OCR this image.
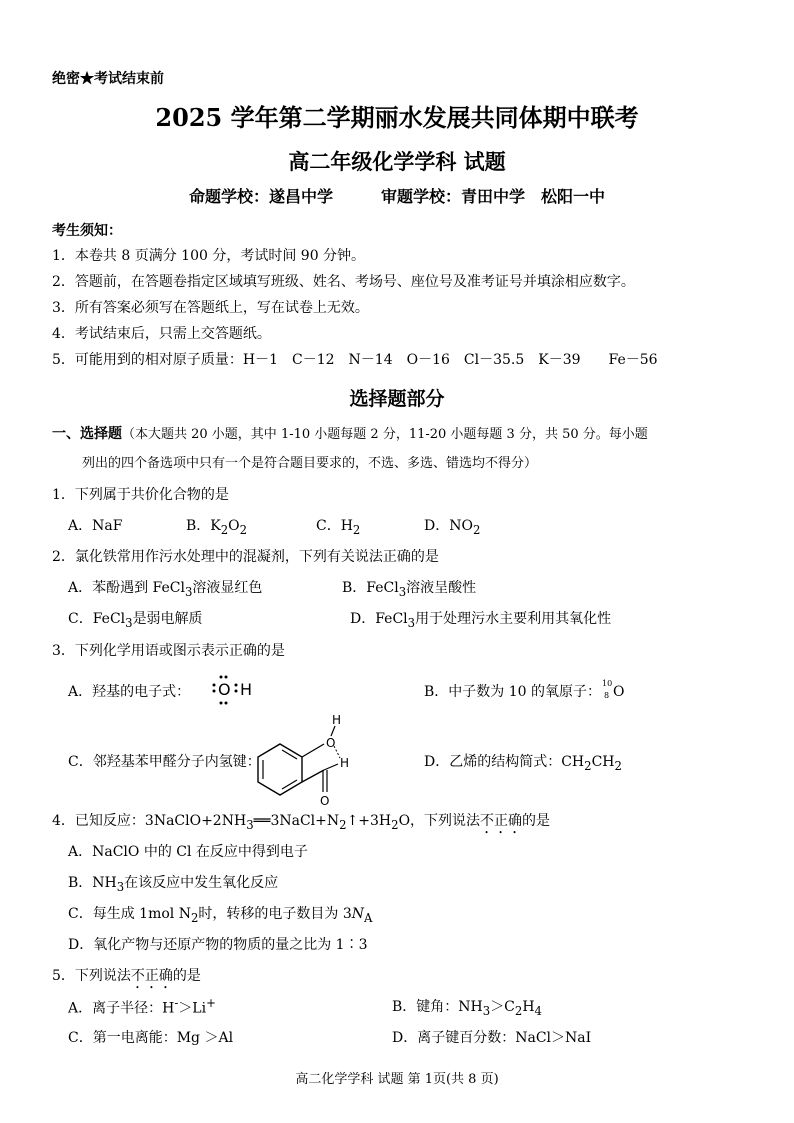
绝密★考试结束前
2025 学年第二学期丽水发展共同体期中联考
高二年级化学学科 试题
命题学校：遂昌中学　　　审题学校：青田中学　松阳一中
考生须知：
1．本卷共 8 页满分 100 分，考试时间 90 分钟。
2．答题前，在答题卷指定区域填写班级、姓名、考场号、座位号及准考证号并填涂相应数字。
3．所有答案必须写在答题纸上，写在试卷上无效。
4．考试结束后，只需上交答题纸。
5．可能用到的相对原子质量：H－1　C－12　N－14　O－16　Cl－35.5　K－39　　Fe－56
选择题部分
一、选择题（本大题共 20 小题，其中 1-10 小题每题 2 分，11-20 小题每题 3 分，共 50 分。每小题
列出的四个备选项中只有一个是符合题目要求的，不选、多选、错选均不得分）
1．下列属于共价化合物的是
A．NaF	B．$K_2O_2$	C．$H_2$	D．$NO_2$
2．氯化铁常用作污水处理中的混凝剂，下列有关说法正确的是
A．苯酚遇到 FeCl$_3$溶液显红色	B．FeCl$_3$溶液呈酸性
C．FeCl$_3$是弱电解质	D．FeCl$_3$用于处理污水主要利用其氧化性
3．下列化学用语或图示表示正确的是
A．羟基的电子式： O H	B．中子数为 10 的氧原子：
10
8 O
C．邻羟基苯甲醛分子内氢键：
O
H
H
O
D．乙烯的结构简式：$CH_2CH_2$
4．已知反应：$3NaClO+2NH_3══3NaCl+N_2↑+3H_2O$，下列说法不正确的是
A．NaClO 中的 Cl 在反应中得到电子
B．$NH_3$在该反应中发生氧化反应
C．每生成 1mol $N_2$时，转移的电子数目为 $3N_A$
D．氧化产物与还原产物的物质的量之比为 1∶3
5．下列说法不正确的是
A．离子半径：H-＞Li+	B．键角：$NH_3>C_2H_4$
C．第一电离能：Mg ＞Al	D．离子键百分数：NaCl＞NaI
高二化学学科 试题 第 1页(共 8 页)
